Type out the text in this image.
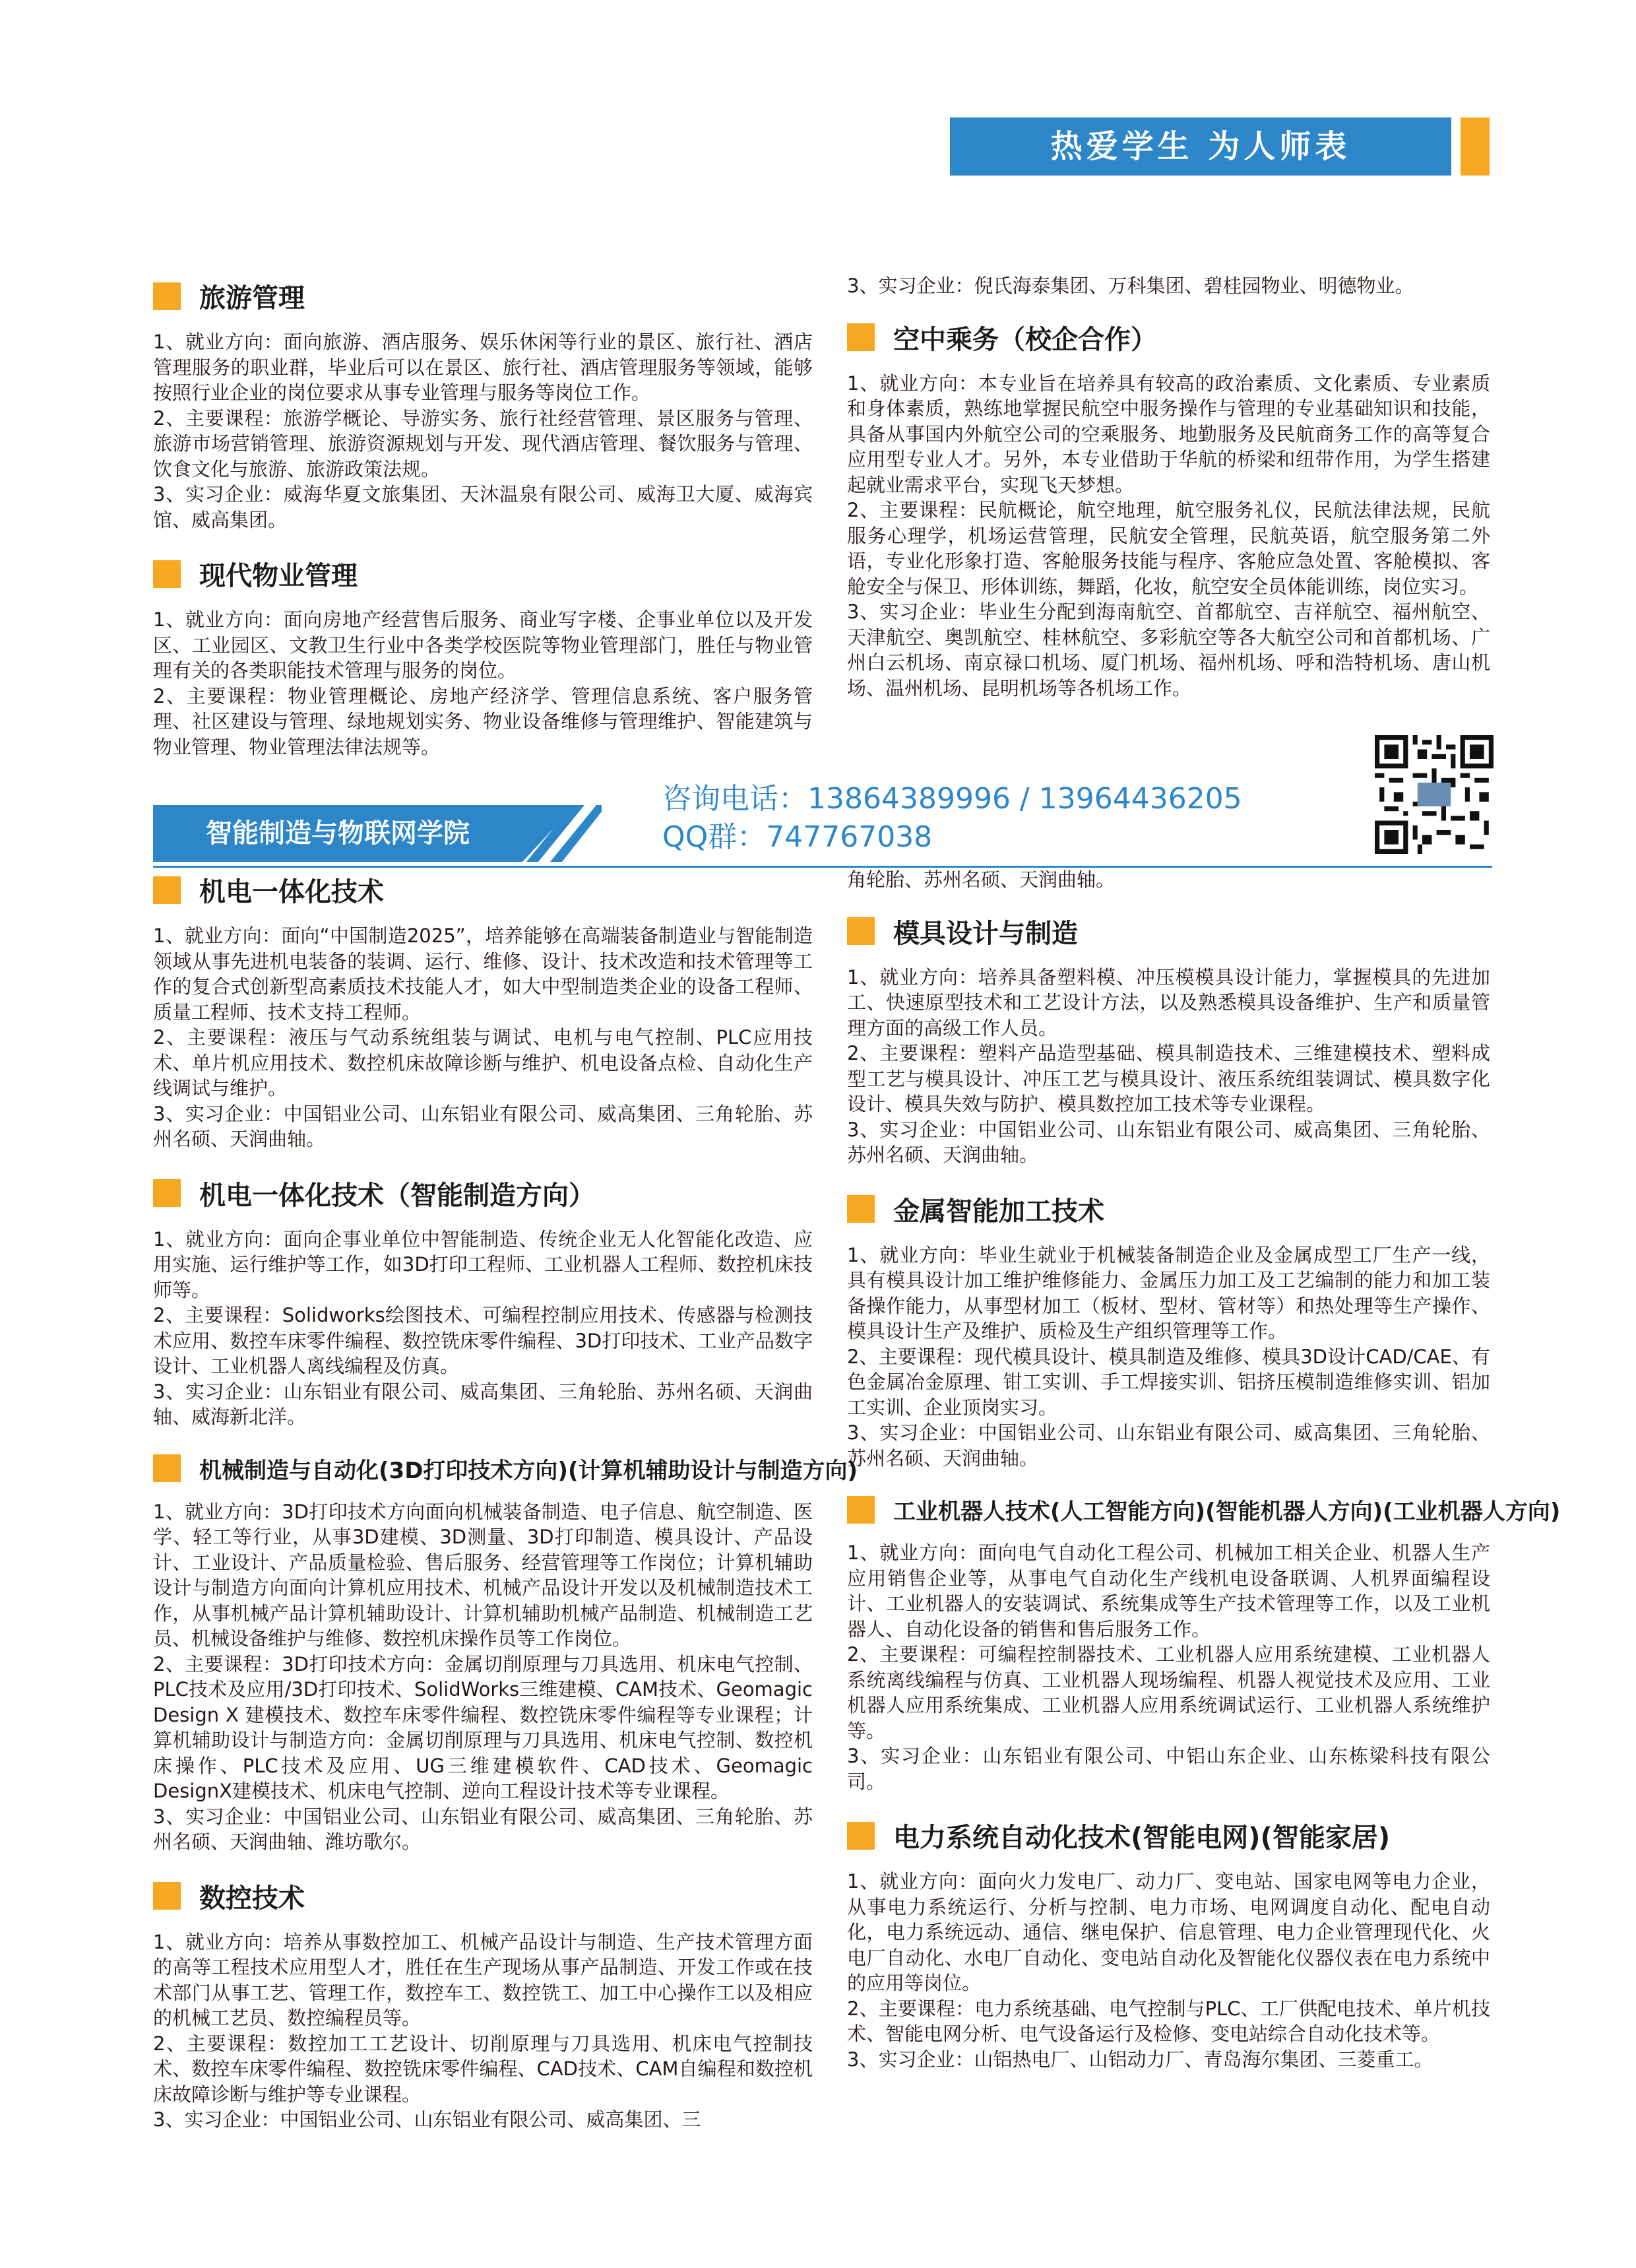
热爱学生 为人师表
旅游管理

1、就业方向：面向旅游、酒店服务、娱乐休闲等行业的景区、旅行社、酒店管理服务的职业群，毕业后可以在景区、旅行社、酒店管理服务等领域，能够按照行业企业的岗位要求从事专业管理与服务等岗位工作。

2、主要课程：旅游学概论、导游实务、旅行社经营管理、景区服务与管理、旅游市场营销管理、旅游资源规划与开发、现代酒店管理、餐饮服务与管理、饮食文化与旅游、旅游政策法规。

3、实习企业：威海华夏文旅集团、天沐温泉有限公司、威海卫大厦、威海宾馆、威高集团。

现代物业管理

1、就业方向：面向房地产经营售后服务、商业写字楼、企事业单位以及开发区、工业园区、文教卫生行业中各类学校医院等物业管理部门，胜任与物业管理有关的各类职能技术管理与服务的岗位。

2、主要课程：物业管理概论、房地产经济学、管理信息系统、客户服务管理、社区建设与管理、绿地规划实务、物业设备维修与管理维护、智能建筑与物业管理、物业管理法律法规等。

3、实习企业：倪氏海泰集团、万科集团、碧桂园物业、明德物业。

空中乘务（校企合作）

1、就业方向：本专业旨在培养具有较高的政治素质、文化素质、专业素质和身体素质，熟练地掌握民航空中服务操作与管理的专业基础知识和技能，具备从事国内外航空公司的空乘服务、地勤服务及民航商务工作的高等复合应用型专业人才。另外，本专业借助于华航的桥梁和纽带作用，为学生搭建起就业需求平台，实现飞天梦想。

2、主要课程：民航概论，航空地理，航空服务礼仪，民航法律法规，民航服务心理学，机场运营管理，民航安全管理，民航英语，航空服务第二外语，专业化形象打造、客舱服务技能与程序、客舱应急处置、客舱模拟、客舱安全与保卫、形体训练，舞蹈，化妆，航空安全员体能训练，岗位实习。

3、实习企业：毕业生分配到海南航空、首都航空、吉祥航空、福州航空、天津航空、奥凯航空、桂林航空、多彩航空等各大航空公司和首都机场、广州白云机场、南京禄口机场、厦门机场、福州机场、呼和浩特机场、唐山机场、温州机场、昆明机场等各机场工作。

智能制造与物联网学院
咨询电话：13864389996 / 13964436205
QQ群：747767038
机电一体化技术

1、就业方向：面向“中国制造2025”，培养能够在高端装备制造业与智能制造领域从事先进机电装备的装调、运行、维修、设计、技术改造和技术管理等工作的复合式创新型高素质技术技能人才，如大中型制造类企业的设备工程师、质量工程师、技术支持工程师。

2、主要课程：液压与气动系统组装与调试、电机与电气控制、PLC应用技术、单片机应用技术、数控机床故障诊断与维护、机电设备点检、自动化生产线调试与维护。

3、实习企业：中国铝业公司、山东铝业有限公司、威高集团、三角轮胎、苏州名硕、天润曲轴。

机电一体化技术（智能制造方向）

1、就业方向：面向企事业单位中智能制造、传统企业无人化智能化改造、应用实施、运行维护等工作，如3D打印工程师、工业机器人工程师、数控机床技师等。

2、主要课程：Solidworks绘图技术、可编程控制应用技术、传感器与检测技术应用、数控车床零件编程、数控铣床零件编程、3D打印技术、工业产品数字设计、工业机器人离线编程及仿真。

3、实习企业：山东铝业有限公司、威高集团、三角轮胎、苏州名硕、天润曲轴、威海新北洋。

机械制造与自动化(3D打印技术方向)(计算机辅助设计与制造方向)

1、就业方向：3D打印技术方向面向机械装备制造、电子信息、航空制造、医学、轻工等行业，从事3D建模、3D测量、3D打印制造、模具设计、产品设计、工业设计、产品质量检验、售后服务、经营管理等工作岗位；计算机辅助设计与制造方向面向计算机应用技术、机械产品设计开发以及机械制造技术工作，从事机械产品计算机辅助设计、计算机辅助机械产品制造、机械制造工艺员、机械设备维护与维修、数控机床操作员等工作岗位。

2、主要课程：3D打印技术方向：金属切削原理与刀具选用、机床电气控制、PLC技术及应用/3D打印技术、SolidWorks三维建模、CAM技术、Geomagic Design X 建模技术、数控车床零件编程、数控铣床零件编程等专业课程；计算机辅助设计与制造方向：金属切削原理与刀具选用、机床电气控制、数控机床操作、PLC技术及应用、UG三维建模软件、CAD技术、Geomagic DesignX建模技术、机床电气控制、逆向工程设计技术等专业课程。

3、实习企业：中国铝业公司、山东铝业有限公司、威高集团、三角轮胎、苏州名硕、天润曲轴、潍坊歌尔。

数控技术

1、就业方向：培养从事数控加工、机械产品设计与制造、生产技术管理方面的高等工程技术应用型人才，胜任在生产现场从事产品制造、开发工作或在技术部门从事工艺、管理工作，数控车工、数控铣工、加工中心操作工以及相应的机械工艺员、数控编程员等。

2、主要课程：数控加工工艺设计、切削原理与刀具选用、机床电气控制技术、数控车床零件编程、数控铣床零件编程、CAD技术、CAM自编程和数控机床故障诊断与维护等专业课程。

3、实习企业：中国铝业公司、山东铝业有限公司、威高集团、三

角轮胎、苏州名硕、天润曲轴。

模具设计与制造

1、就业方向：培养具备塑料模、冲压模模具设计能力，掌握模具的先进加工、快速原型技术和工艺设计方法，以及熟悉模具设备维护、生产和质量管理方面的高级工作人员。

2、主要课程：塑料产品造型基础、模具制造技术、三维建模技术、塑料成型工艺与模具设计、冲压工艺与模具设计、液压系统组装调试、模具数字化设计、模具失效与防护、模具数控加工技术等专业课程。

3、实习企业：中国铝业公司、山东铝业有限公司、威高集团、三角轮胎、苏州名硕、天润曲轴。

金属智能加工技术

1、就业方向：毕业生就业于机械装备制造企业及金属成型工厂生产一线，具有模具设计加工维护维修能力、金属压力加工及工艺编制的能力和加工装备操作能力，从事型材加工（板材、型材、管材等）和热处理等生产操作、模具设计生产及维护、质检及生产组织管理等工作。

2、主要课程：现代模具设计、模具制造及维修、模具3D设计CAD/CAE、有色金属冶金原理、钳工实训、手工焊接实训、铝挤压模制造维修实训、铝加工实训、企业顶岗实习。

3、实习企业：中国铝业公司、山东铝业有限公司、威高集团、三角轮胎、苏州名硕、天润曲轴。

工业机器人技术(人工智能方向)(智能机器人方向)(工业机器人方向)

1、就业方向：面向电气自动化工程公司、机械加工相关企业、机器人生产应用销售企业等，从事电气自动化生产线机电设备联调、人机界面编程设计、工业机器人的安装调试、系统集成等生产技术管理等工作，以及工业机器人、自动化设备的销售和售后服务工作。

2、主要课程：可编程控制器技术、工业机器人应用系统建模、工业机器人系统离线编程与仿真、工业机器人现场编程、机器人视觉技术及应用、工业机器人应用系统集成、工业机器人应用系统调试运行、工业机器人系统维护等。

3、实习企业：山东铝业有限公司、中铝山东企业、山东栋梁科技有限公司。

电力系统自动化技术(智能电网)(智能家居)

1、就业方向：面向火力发电厂、动力厂、变电站、国家电网等电力企业，从事电力系统运行、分析与控制、电力市场、电网调度自动化、配电自动化，电力系统远动、通信、继电保护、信息管理、电力企业管理现代化、火电厂自动化、水电厂自动化、变电站自动化及智能化仪器仪表在电力系统中的应用等岗位。

2、主要课程：电力系统基础、电气控制与PLC、工厂供配电技术、单片机技术、智能电网分析、电气设备运行及检修、变电站综合自动化技术等。

3、实习企业：山铝热电厂、山铝动力厂、青岛海尔集团、三菱重工。
